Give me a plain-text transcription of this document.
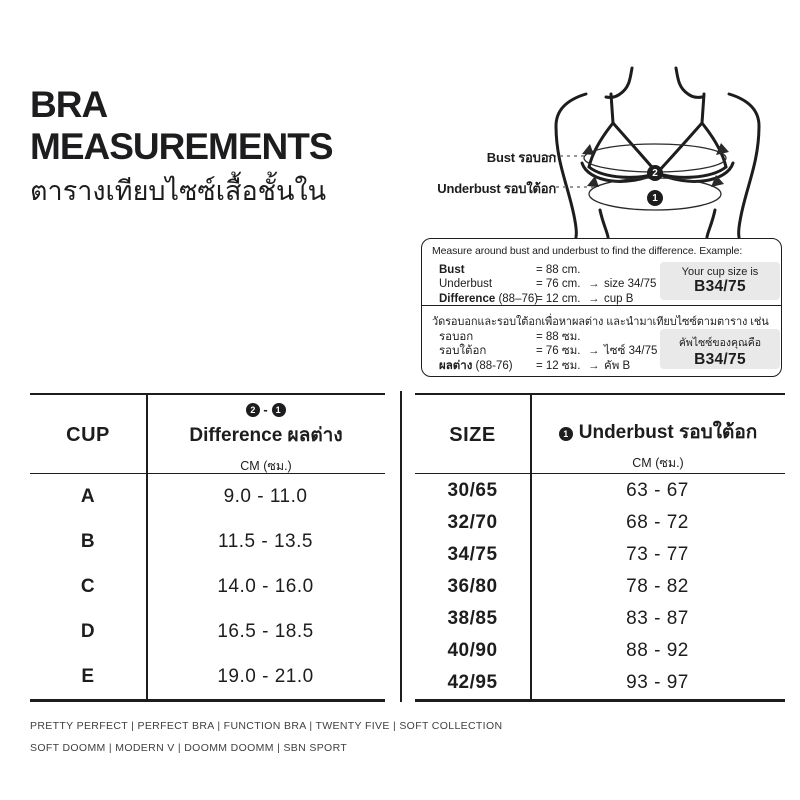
BRA
MEASUREMENTS
ตารางเทียบไซซ์เสื้อชั้นใน
Bust รอบอก
Underbust รอบใต้อก
2
1
Measure around bust and underbust to find the difference. Example:
Bust	= 88 cm.
Underbust	= 76 cm. → size 34/75
Difference (88–76)
= 12 cm. → cup B
Your cup size is
B34/75
วัดรอบอกและรอบใต้อกเพื่อหาผลต่าง และนำมาเทียบไซซ์ตามตาราง เช่น
รอบอก	= 88 ซม.
รอบใต้อก	= 76 ซม. → ไซซ์ 34/75
ผลต่าง (88-76)	= 12 ซม. → คัพ B
คัพไซซ์ของคุณคือ
B34/75
CUP
2 - 1
Difference ผลต่าง
CM (ซม.)
A	9.0 - 11.0
B	11.5 - 13.5
C	14.0 - 16.0
D	16.5 - 18.5
E	19.0 - 21.0
SIZE	1 Underbust รอบใต้อก
CM (ซม.)
30/65	63 - 67
32/70	68 - 72
34/75	73 - 77
36/80	78 - 82
38/85	83 - 87
40/90	88 - 92
42/95	93 - 97
PRETTY PERFECT | PERFECT BRA | FUNCTION BRA | TWENTY FIVE | SOFT COLLECTION
SOFT DOOMM | MODERN V | DOOMM DOOMM | SBN SPORT
